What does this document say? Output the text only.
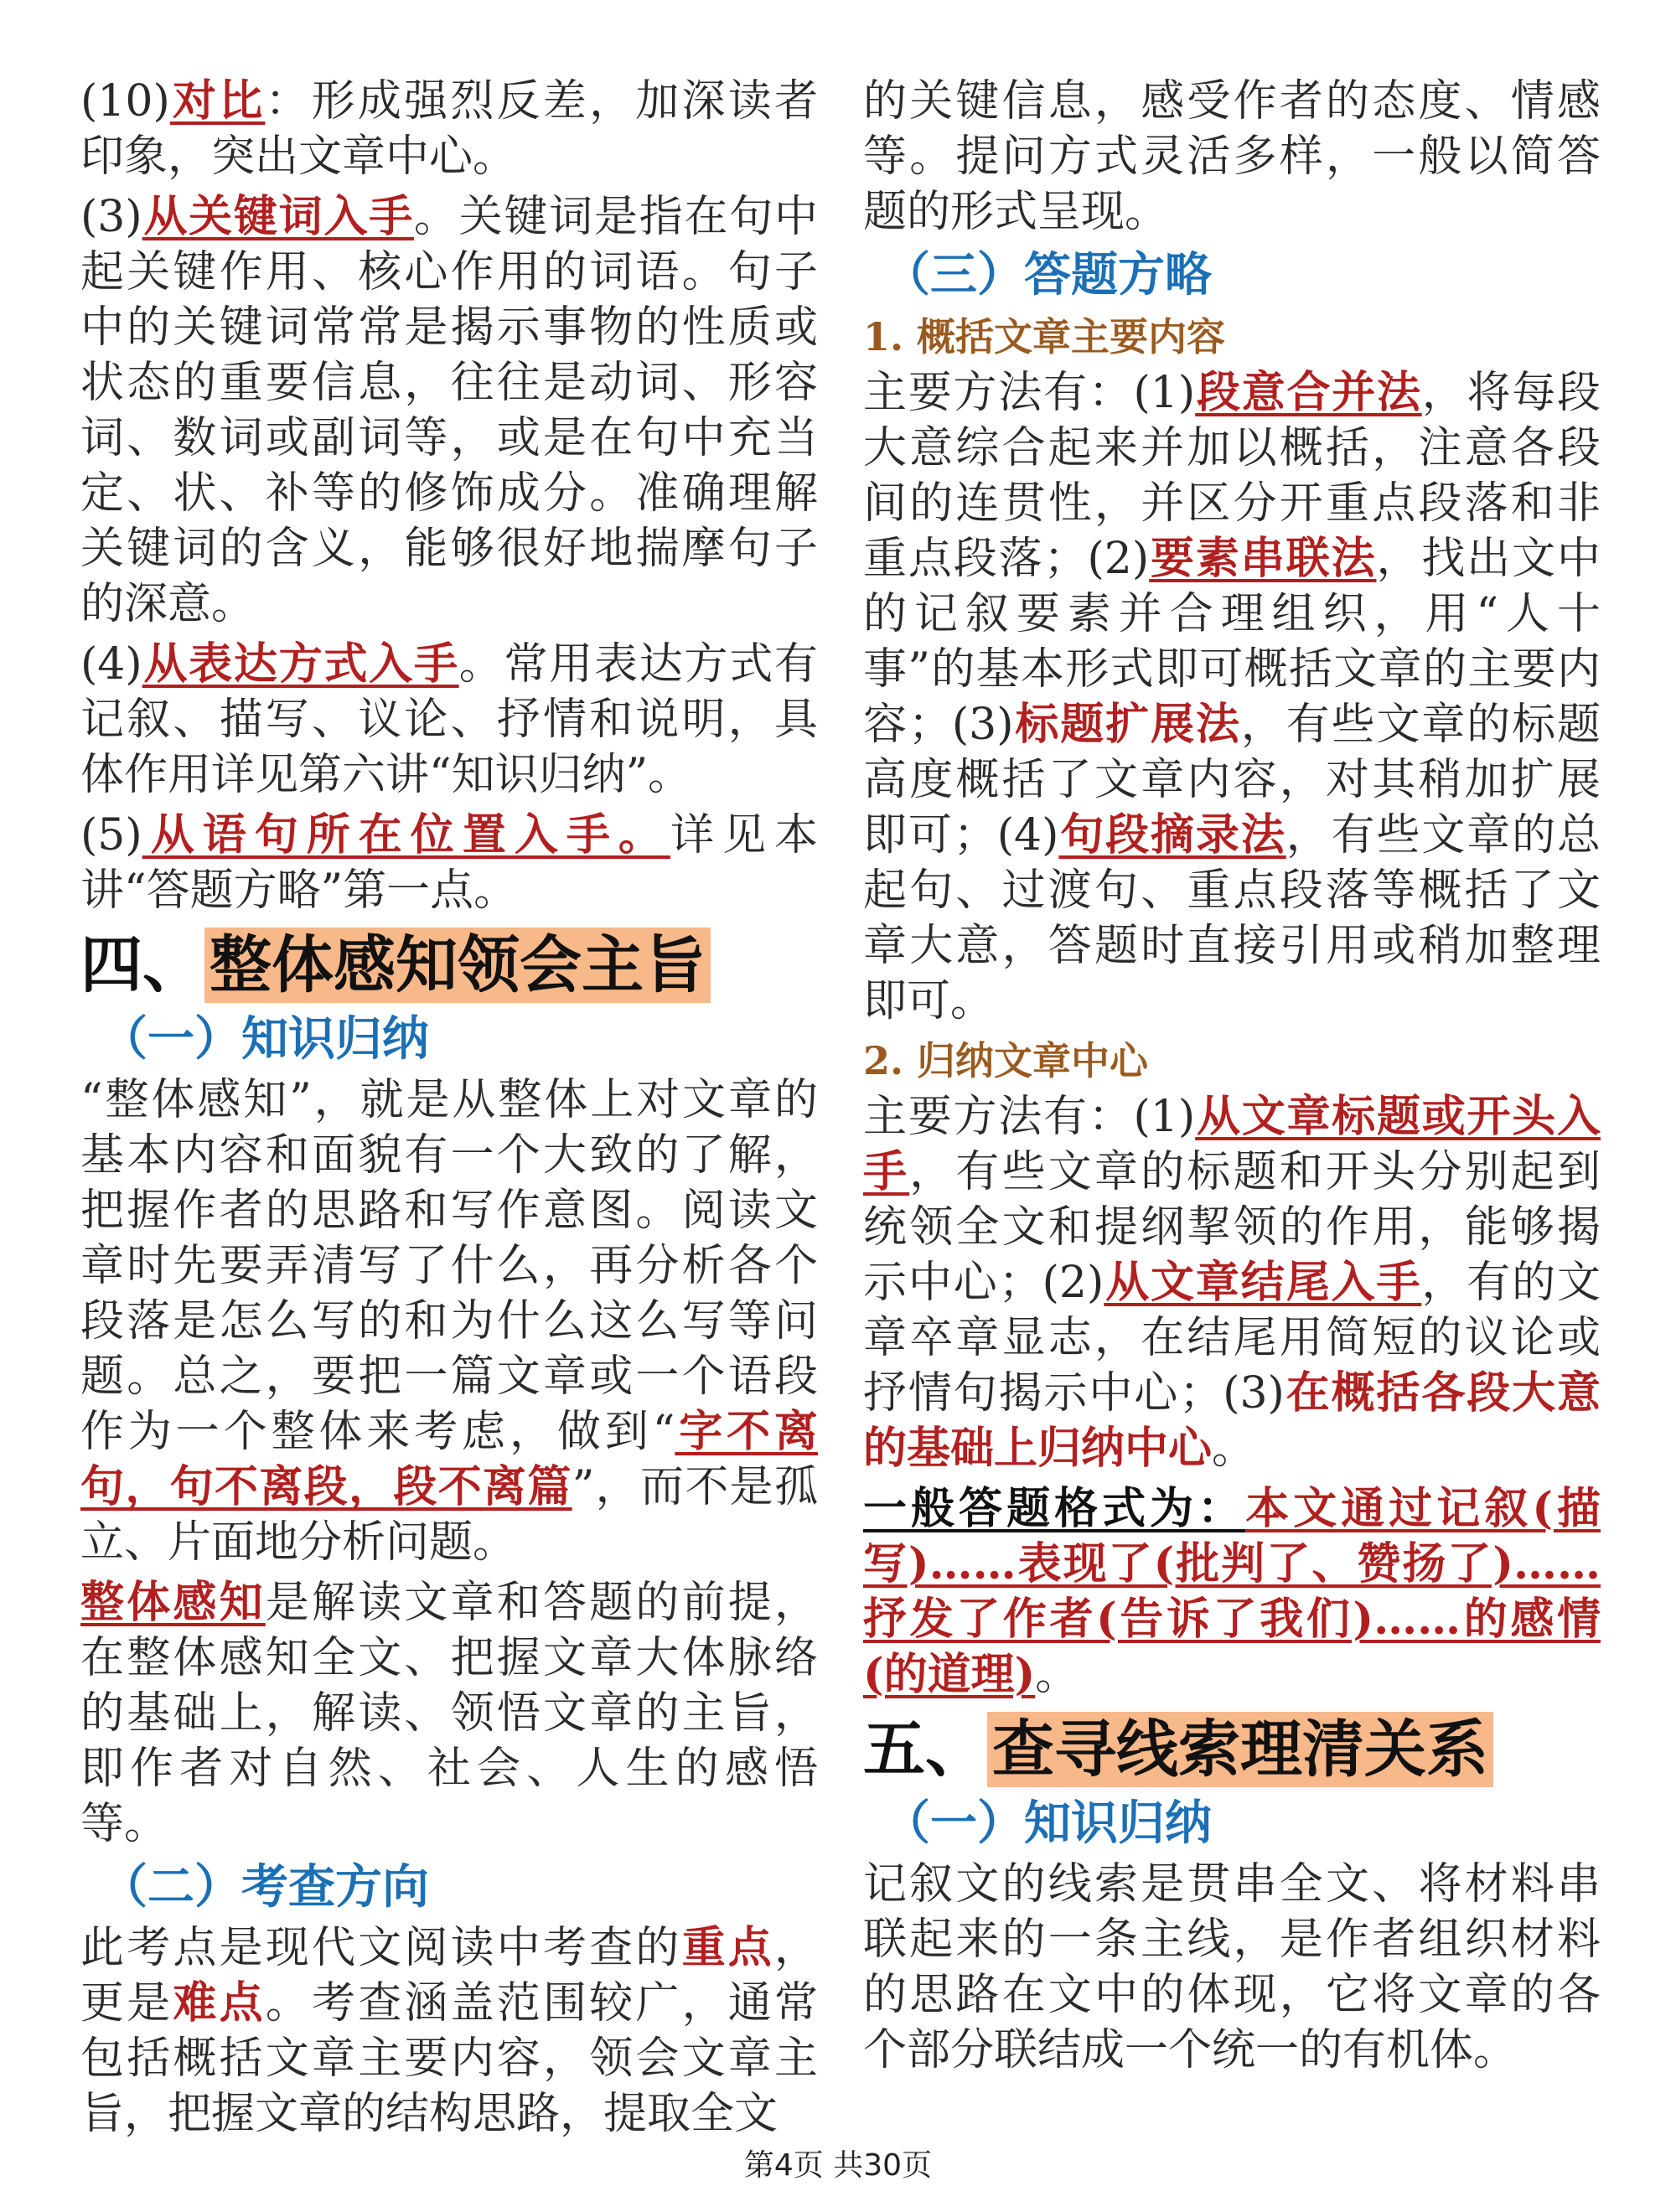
(10)对比：形成强烈反差，加深读者印象，突出文章中心。

(3)从关键词入手。关键词是指在句中起关键作用、核心作用的词语。句子中的关键词常常是揭示事物的性质或状态的重要信息，往往是动词、形容词、数词或副词等，或是在句中充当定、状、补等的修饰成分。准确理解关键词的含义，能够很好地揣摩句子的深意。

(4)从表达方式入手。常用表达方式有记叙、描写、议论、抒情和说明，具体作用详见第六讲“知识归纳”。

(5)从语句所在位置入手。详见本讲“答题方略”第一点。

四、整体感知领会主旨
（一）知识归纳

“整体感知”，就是从整体上对文章的基本内容和面貌有一个大致的了解，把握作者的思路和写作意图。阅读文章时先要弄清写了什么，再分析各个段落是怎么写的和为什么这么写等问题。总之，要把一篇文章或一个语段作为一个整体来考虑，做到“字不离句，句不离段，段不离篇”，而不是孤立、片面地分析问题。

整体感知是解读文章和答题的前提，在整体感知全文、把握文章大体脉络的基础上，解读、领悟文章的主旨，即作者对自然、社会、人生的感悟等。

（二）考查方向

此考点是现代文阅读中考查的重点，更是难点。考查涵盖范围较广，通常包括概括文章主要内容，领会文章主旨，把握文章的结构思路，提取全文

的关键信息，感受作者的态度、情感等。提问方式灵活多样，一般以简答题的形式呈现。

（三）答题方略
1. 概括文章主要内容

主要方法有：(1)段意合并法，将每段大意综合起来并加以概括，注意各段间的连贯性，并区分开重点段落和非重点段落；(2)要素串联法，找出文中的记叙要素并合理组织，用“人十事”的基本形式即可概括文章的主要内容；(3)标题扩展法，有些文章的标题高度概括了文章内容，对其稍加扩展即可；(4)句段摘录法，有些文章的总起句、过渡句、重点段落等概括了文章大意，答题时直接引用或稍加整理即可。

2. 归纳文章中心

主要方法有：(1)从文章标题或开头入手，有些文章的标题和开头分别起到统领全文和提纲挈领的作用，能够揭示中心；(2)从文章结尾入手，有的文章卒章显志，在结尾用简短的议论或抒情句揭示中心；(3)在概括各段大意的基础上归纳中心。

一般答题格式为：本文通过记叙(描写)……表现了(批判了、赞扬了)……抒发了作者(告诉了我们)……的感情(的道理)。

五、查寻线索理清关系
（一）知识归纳

记叙文的线索是贯串全文、将材料串联起来的一条主线，是作者组织材料的思路在文中的体现，它将文章的各个部分联结成一个统一的有机体。

第4页 共30页
